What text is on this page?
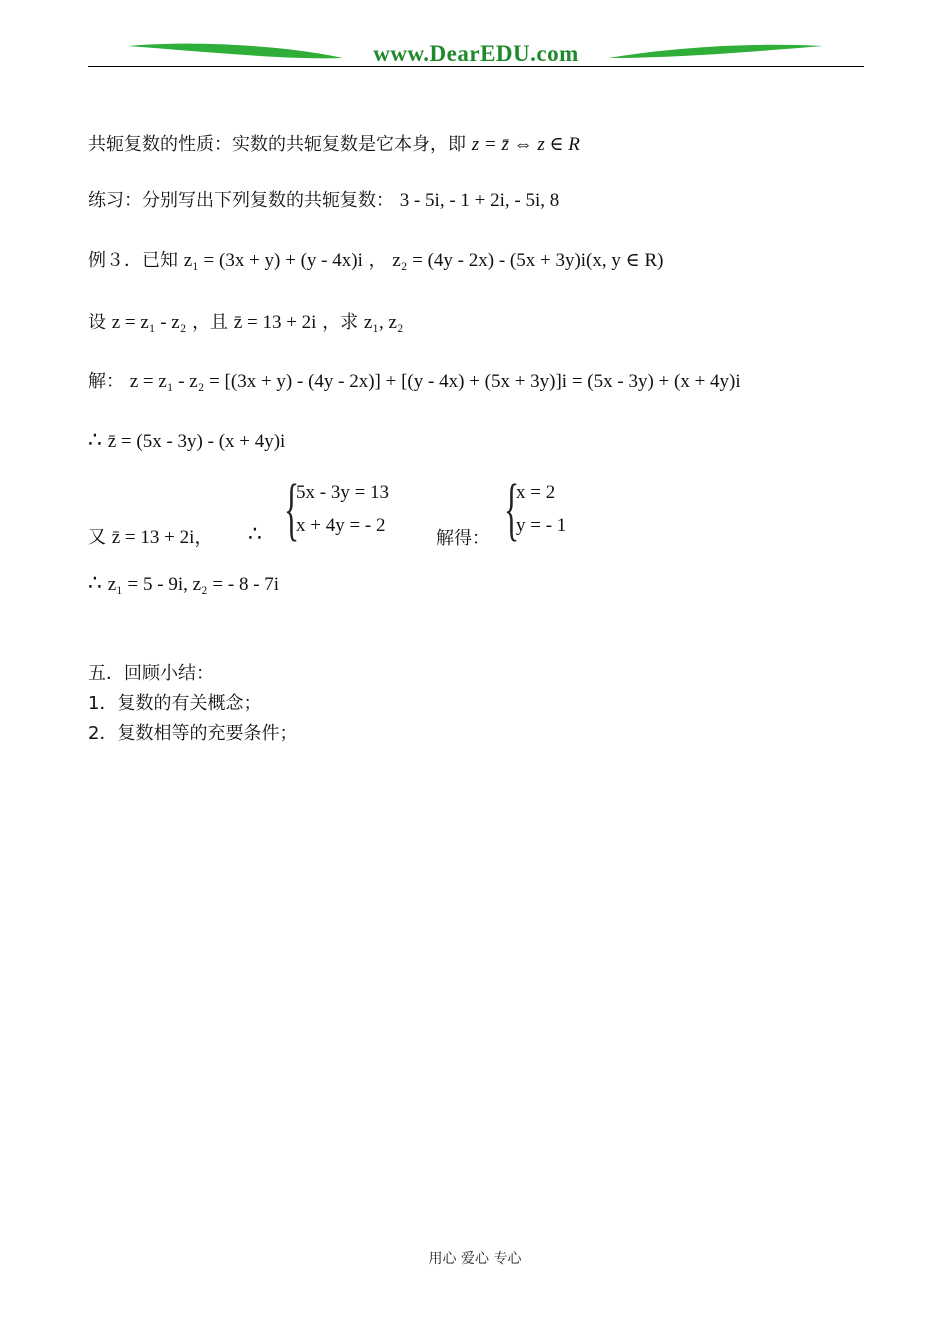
www.DearEDU.com
共轭复数的性质：实数的共轭复数是它本身，即 z = z̄ ⇔ z ∈ R
练习：分别写出下列复数的共轭复数： 3 - 5i, - 1 + 2i, - 5i, 8
例３．已知 z₁ = (3x + y) + (y - 4x)i ， z₂ = (4y - 2x) - (5x + 3y)i(x, y ∈ R)
设 z = z₁ - z₂ ，且 z̄ = 13 + 2i ，求 z₁, z₂
解： z = z₁ - z₂ = [(3x + y) - (4y - 2x)] + [(y - 4x) + (5x + 3y)]i = (5x - 3y) + (x + 4y)i
∴ z̄ = (5x - 3y) - (x + 4y)i
又 z̄ = 13 + 2i， ∴ {
5x - 3y = 13
x + 4y = - 2
解得： {
x = 2
y = - 1
∴ z₁ = 5 - 9i, z₂ = - 8 - 7i
五．回顾小结：
1．复数的有关概念；
2．复数相等的充要条件；
用心 爱心 专心
